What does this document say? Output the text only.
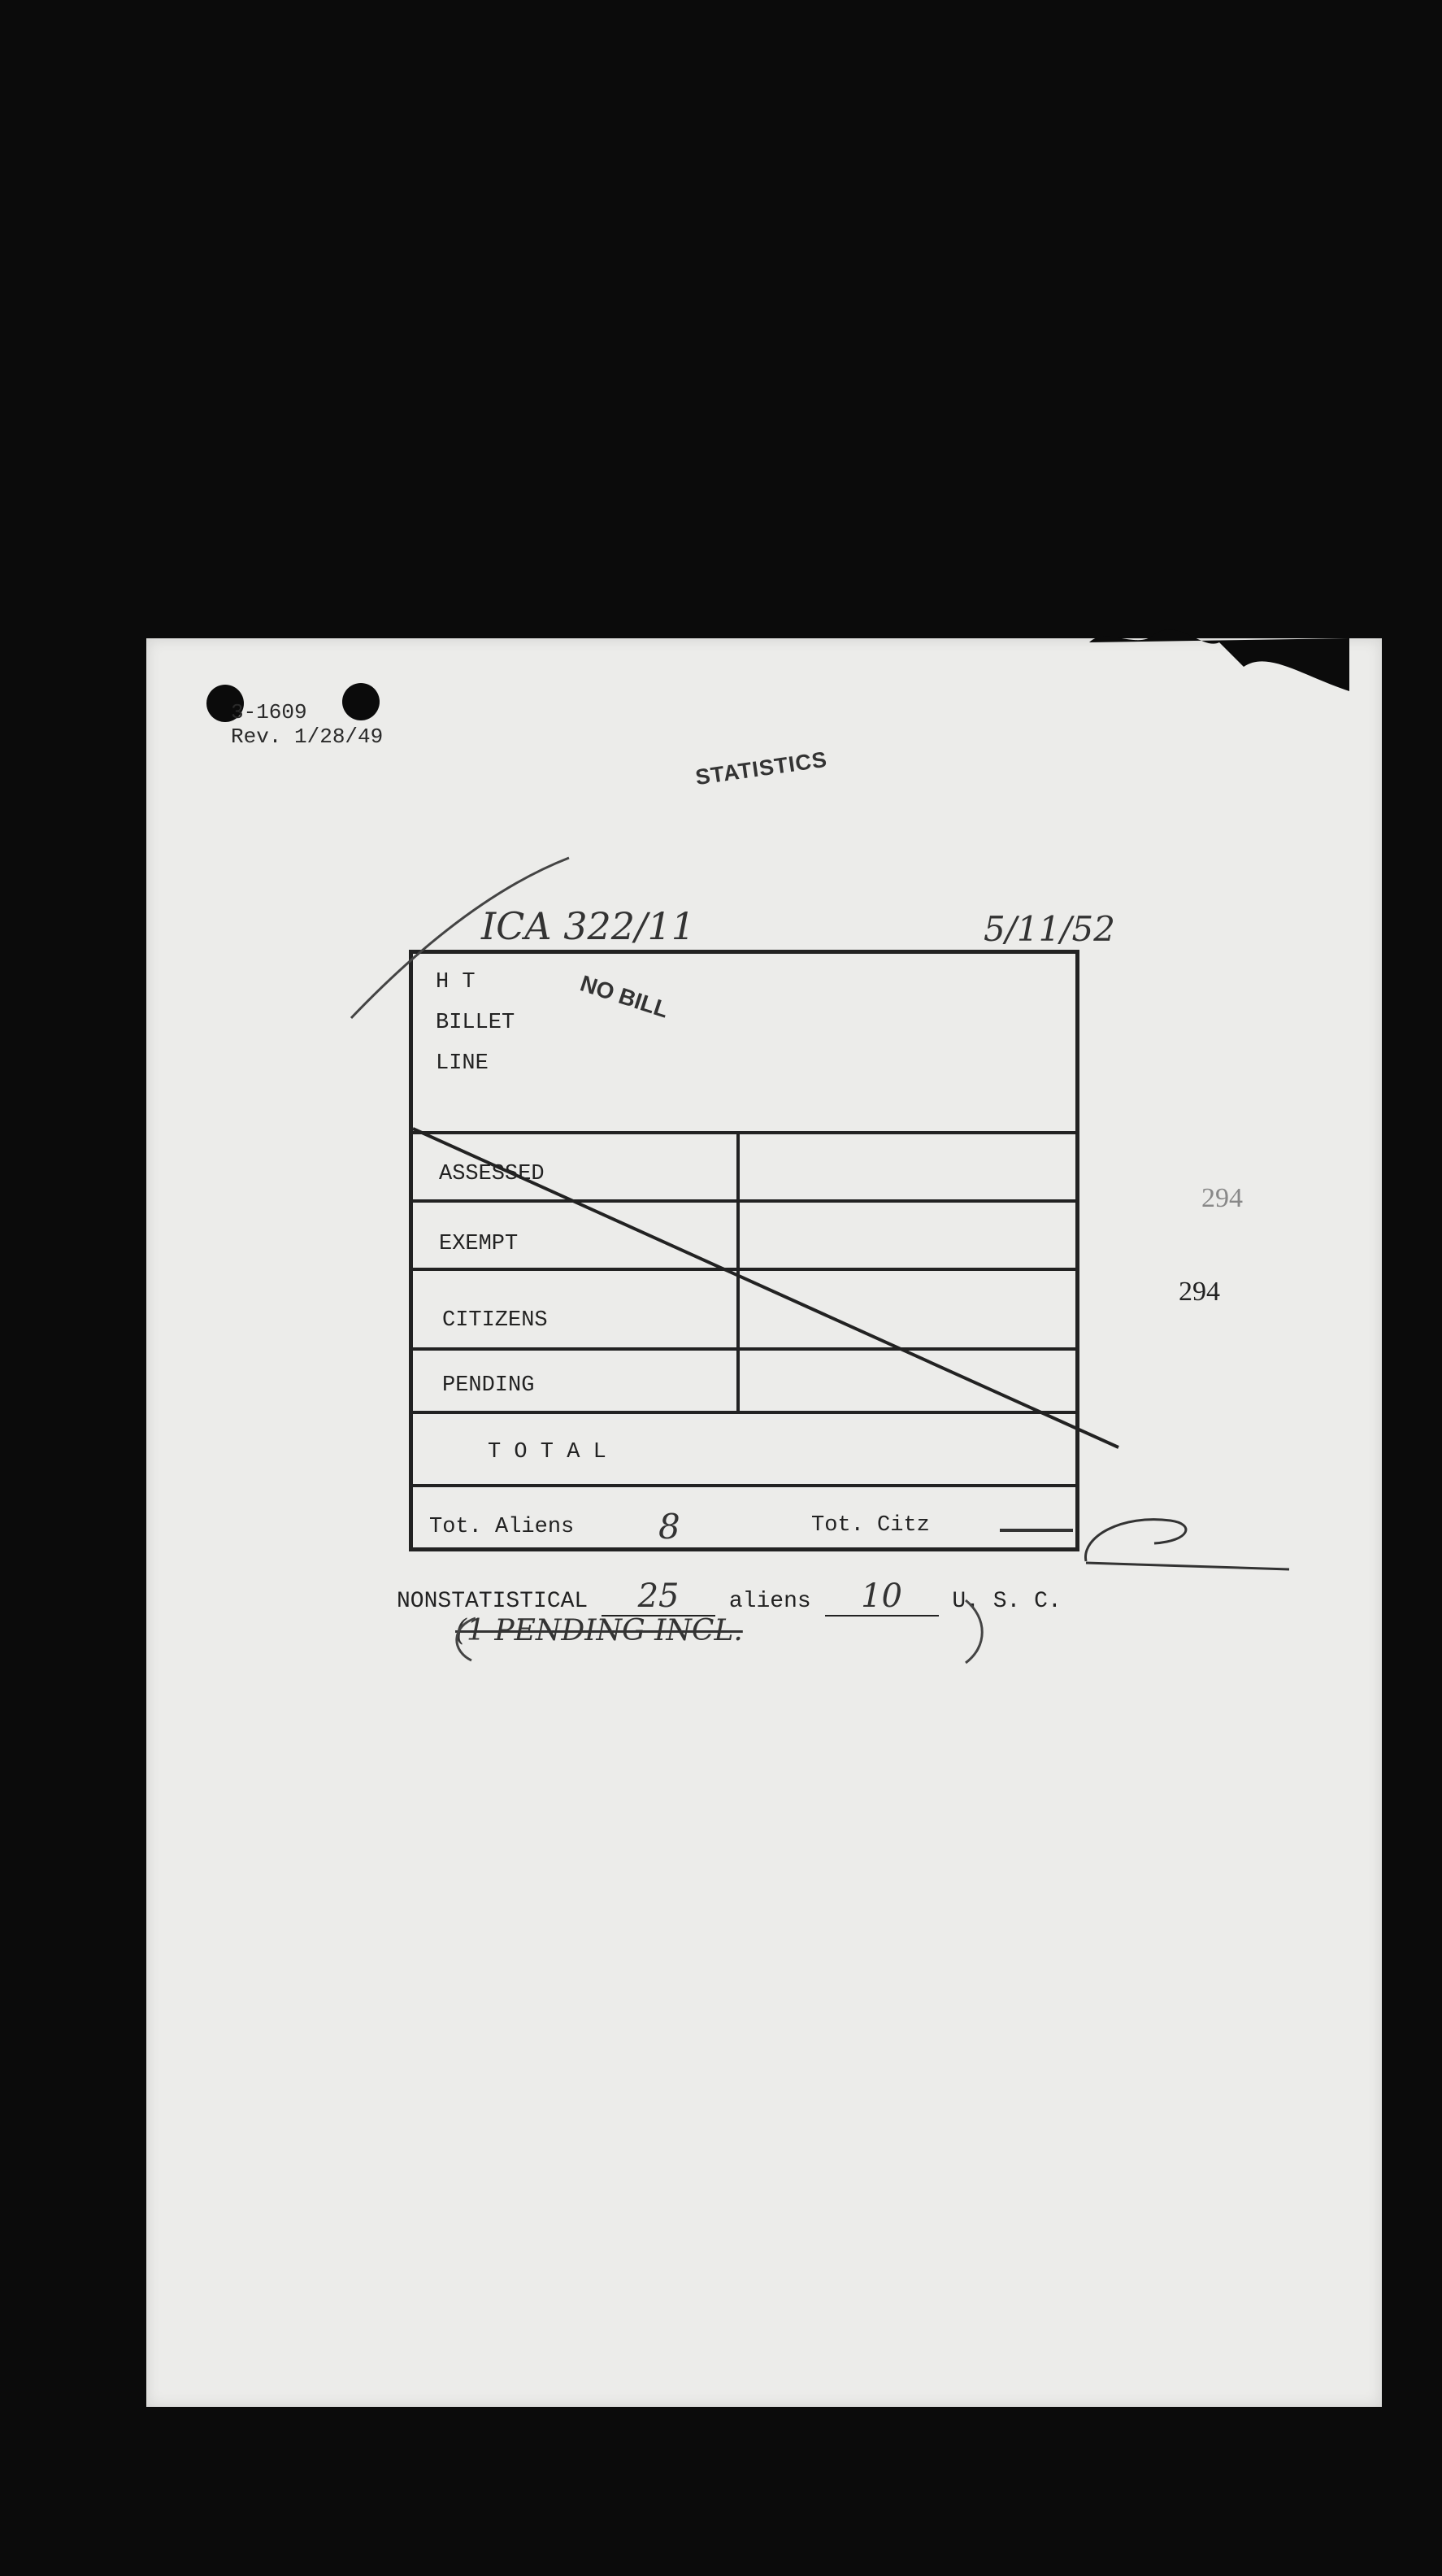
3-1609
Rev. 1/28/49
STATISTICS
ICA 322/11	5/11/52
H T
BILLET
LINE
ASSESSED
EXEMPT
CITIZENS
PENDING
T O T A L
Tot. Aliens 8	Tot. Citz
NO BILL
294
294
NONSTATISTICAL 25 aliens 10 U. S. C.
(1 PENDING INCL.
